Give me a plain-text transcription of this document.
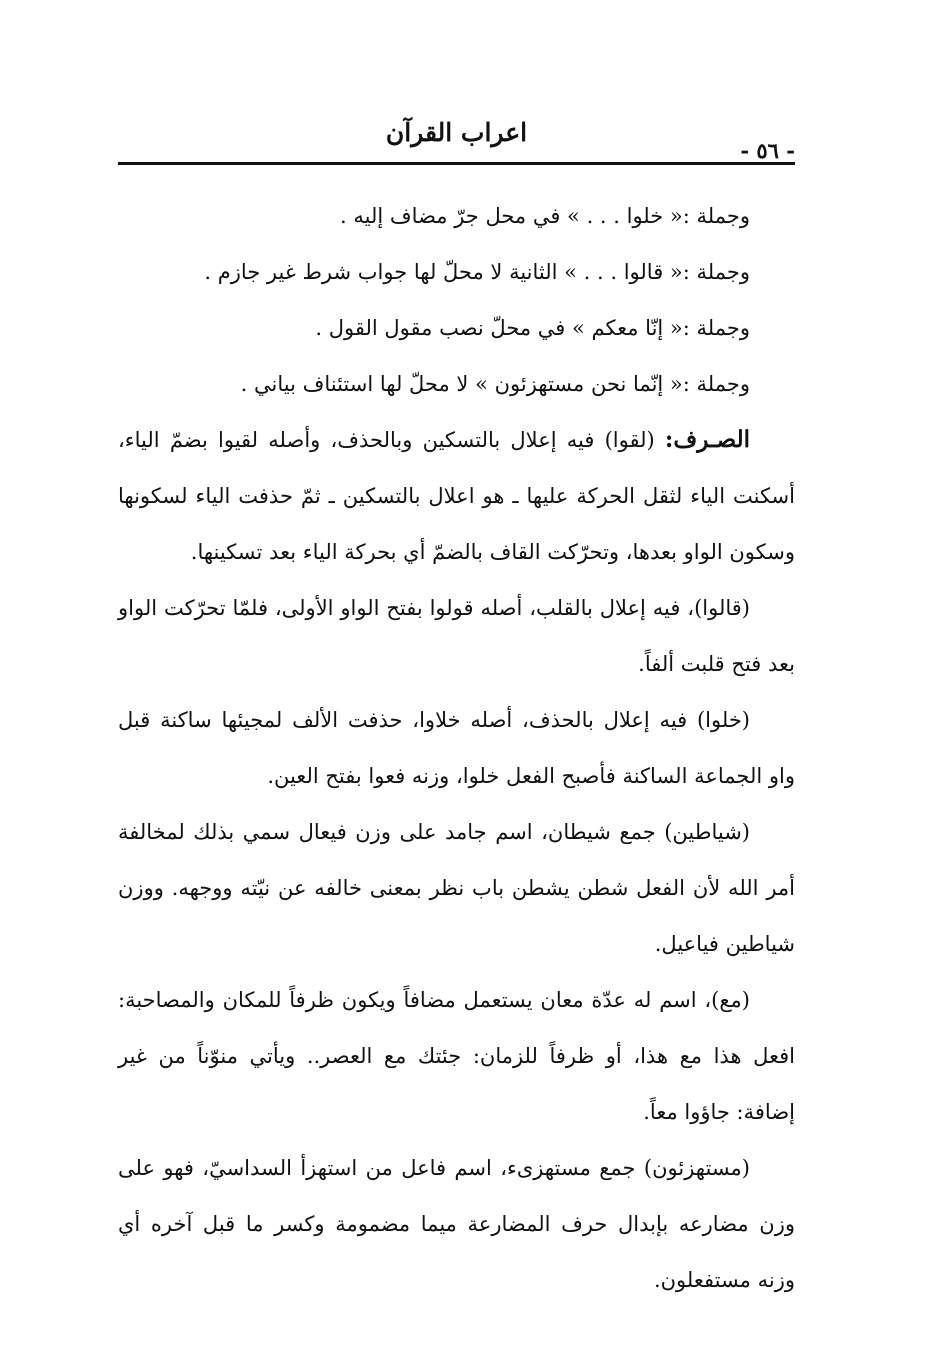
اعراب القرآن
- ٥٦ -

وجملة :« خلوا . . . » في محل جرّ مضاف إليه .

وجملة :« قالوا . . . » الثانية لا محلّ لها جواب شرط غير جازم .

وجملة :« إنّا معكم » في محلّ نصب مقول القول .

وجملة :« إنّما نحن مستهزئون » لا محلّ لها استئناف بياني .

الصـرف: (لقوا) فيه إعلال بالتسكين وبالحذف، وأصله لقيوا بضمّ الياء، أسكنت الياء لثقل الحركة عليها ـ هو اعلال بالتسكين ـ ثمّ حذفت الياء لسكونها وسكون الواو بعدها، وتحرّكت القاف بالضمّ أي بحركة الياء بعد تسكينها.

(قالوا)، فيه إعلال بالقلب، أصله قولوا بفتح الواو الأولى، فلمّا تحرّكت الواو بعد فتح قلبت ألفاً.

(خلوا) فيه إعلال بالحذف، أصله خلاوا، حذفت الألف لمجيئها ساكنة قبل واو الجماعة الساكنة فأصبح الفعل خلوا، وزنه فعوا بفتح العين.

(شياطين) جمع شيطان، اسم جامد على وزن فيعال سمي بذلك لمخالفة أمر الله لأن الفعل شطن يشطن باب نظر بمعنى خالفه عن نيّته ووجهه. ووزن شياطين فياعيل.

(مع)، اسم له عدّة معان يستعمل مضافاً ويكون ظرفاً للمكان والمصاحبة: افعل هذا مع هذا، أو ظرفاً للزمان: جئتك مع العصر.. ويأتي منوّناً من غير إضافة: جاؤوا معاً.

(مستهزئون) جمع مستهزىء، اسم فاعل من استهزأ السداسيّ، فهو على وزن مضارعه بإبدال حرف المضارعة ميما مضمومة وكسر ما قبل آخره أي وزنه مستفعلون.
